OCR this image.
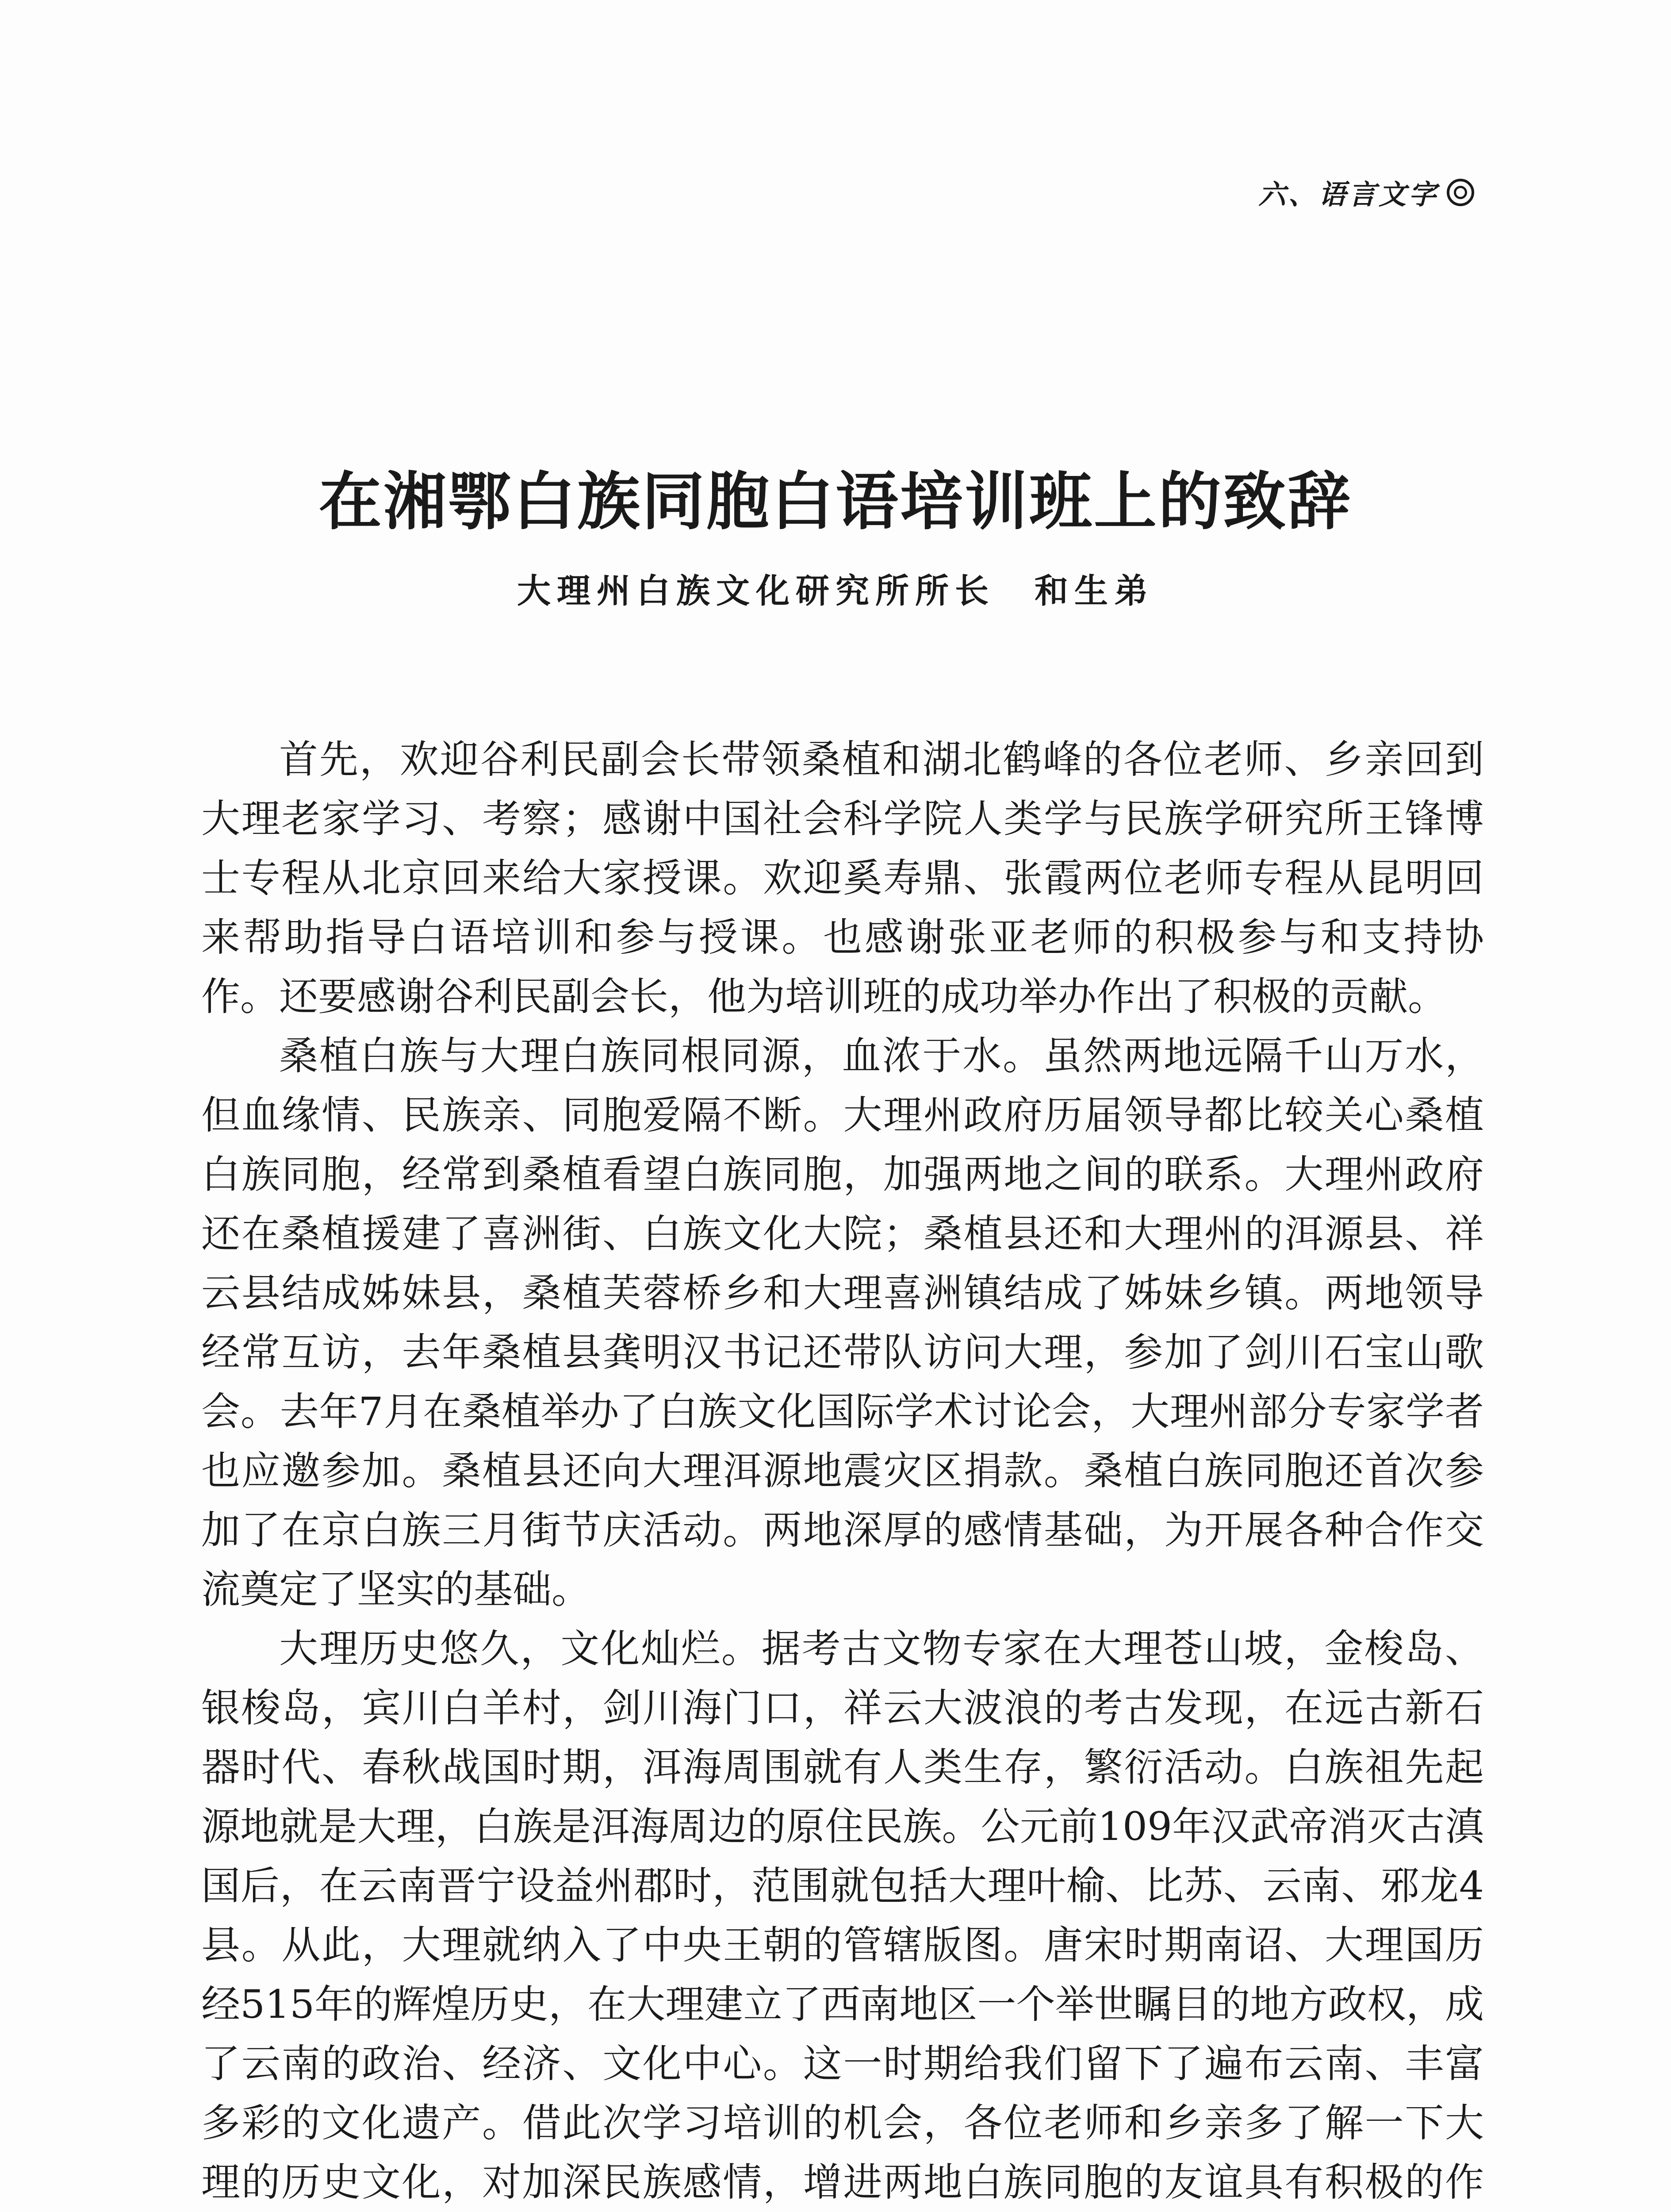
六、语言文字
在湘鄂白族同胞白语培训班上的致辞
大理州白族文化研究所所长　和生弟

首先，欢迎谷利民副会长带领桑植和湖北鹤峰的各位老师、乡亲回到大理老家学习、考察；感谢中国社会科学院人类学与民族学研究所王锋博士专程从北京回来给大家授课。欢迎奚寿鼎、张霞两位老师专程从昆明回来帮助指导白语培训和参与授课。也感谢张亚老师的积极参与和支持协作。还要感谢谷利民副会长，他为培训班的成功举办作出了积极的贡献。

桑植白族与大理白族同根同源，血浓于水。虽然两地远隔千山万水，但血缘情、民族亲、同胞爱隔不断。大理州政府历届领导都比较关心桑植白族同胞，经常到桑植看望白族同胞，加强两地之间的联系。大理州政府还在桑植援建了喜洲街、白族文化大院；桑植县还和大理州的洱源县、祥云县结成姊妹县，桑植芙蓉桥乡和大理喜洲镇结成了姊妹乡镇。两地领导经常互访，去年桑植县龚明汉书记还带队访问大理，参加了剑川石宝山歌会。去年7月在桑植举办了白族文化国际学术讨论会，大理州部分专家学者也应邀参加。桑植县还向大理洱源地震灾区捐款。桑植白族同胞还首次参加了在京白族三月街节庆活动。两地深厚的感情基础，为开展各种合作交流奠定了坚实的基础。

大理历史悠久，文化灿烂。据考古文物专家在大理苍山坡，金梭岛、银梭岛，宾川白羊村，剑川海门口，祥云大波浪的考古发现，在远古新石器时代、春秋战国时期，洱海周围就有人类生存，繁衍活动。白族祖先起源地就是大理，白族是洱海周边的原住民族。公元前109年汉武帝消灭古滇国后，在云南晋宁设益州郡时，范围就包括大理叶榆、比苏、云南、邪龙4县。从此，大理就纳入了中央王朝的管辖版图。唐宋时期南诏、大理国历经515年的辉煌历史，在大理建立了西南地区一个举世瞩目的地方政权，成了云南的政治、经济、文化中心。这一时期给我们留下了遍布云南、丰富多彩的文化遗产。借此次学习培训的机会，各位老师和乡亲多了解一下大理的历史文化，对加深民族感情，增进两地白族同胞的友谊具有积极的作
